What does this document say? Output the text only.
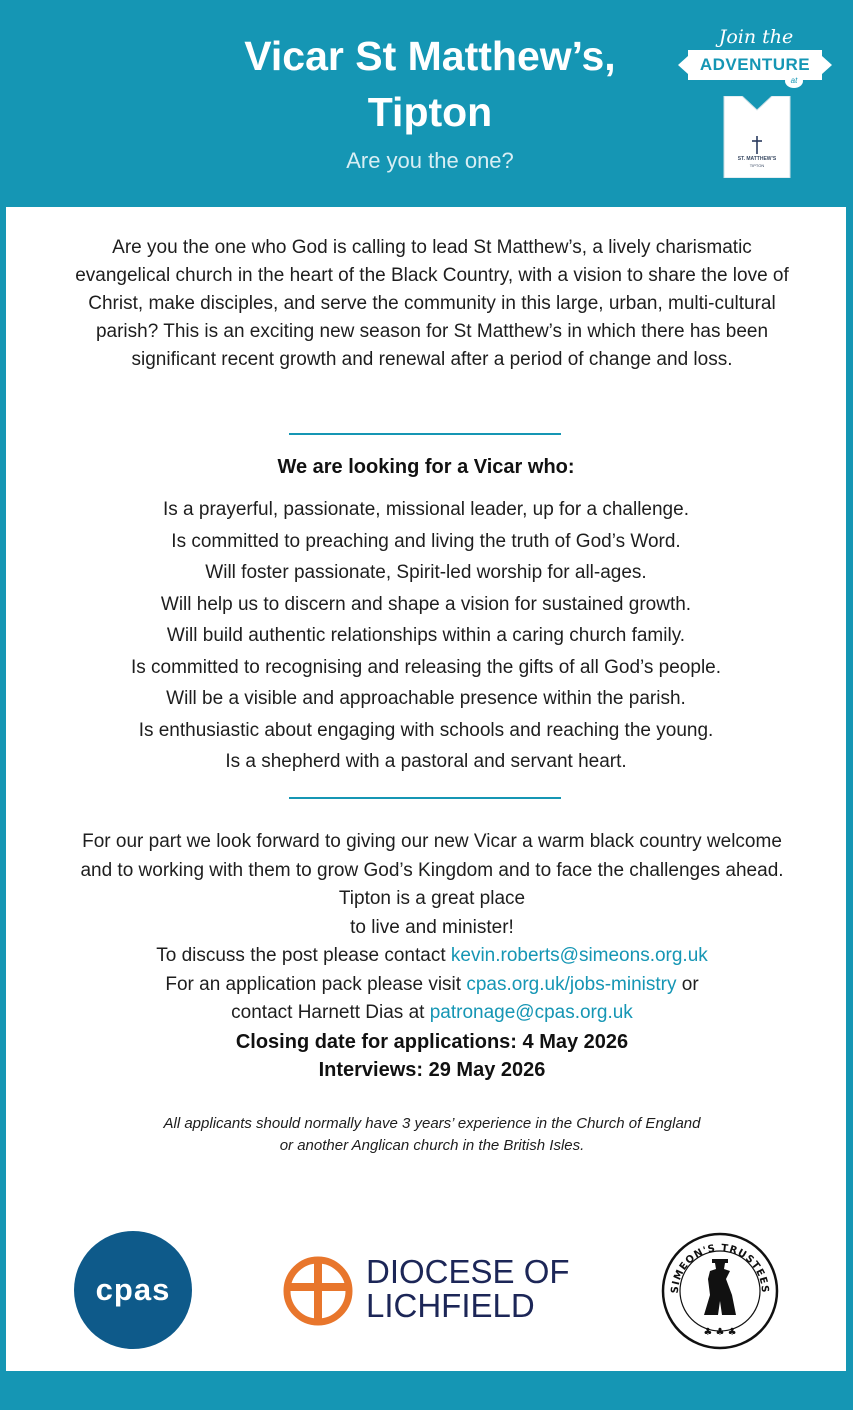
Vicar St Matthew’s,
Tipton

Are you the one?

Join the
ADVENTURE
at
ST. MATTHEW’S
TIPTON

Are you the one who God is calling to lead St Matthew’s, a lively charismatic evangelical church in the heart of the Black Country, with a vision to share the love of Christ, make disciples, and serve the community in this large, urban, multi-cultural parish? This is an exciting new season for St Matthew’s in which there has been significant recent growth and renewal after a period of change and loss.

We are looking for a Vicar who:
Is a prayerful, passionate, missional leader, up for a challenge.
Is committed to preaching and living the truth of God’s Word.
Will foster passionate, Spirit-led worship for all-ages.
Will help us to discern and shape a vision for sustained growth.
Will build authentic relationships within a caring church family.
Is committed to recognising and releasing the gifts of all God’s people.
Will be a visible and approachable presence within the parish.
Is enthusiastic about engaging with schools and reaching the young.
Is a shepherd with a pastoral and servant heart.

For our part we look forward to giving our new Vicar a warm black country welcome and to working with them to grow God’s Kingdom and to face the challenges ahead. Tipton is a great place
to live and minister!

To discuss the post please contact kevin.roberts@simeons.org.uk

For an application pack please visit cpas.org.uk/jobs-ministry or

contact Harnett Dias at patronage@cpas.org.uk

Closing date for applications: 4 May 2026

Interviews: 29 May 2026

All applicants should normally have 3 years’ experience in the Church of England
or another Anglican church in the British Isles.

cpas	DIOCESE OF
LICHFIELD	SIMEON'S TRUSTEES
♣ ♣ ♣
